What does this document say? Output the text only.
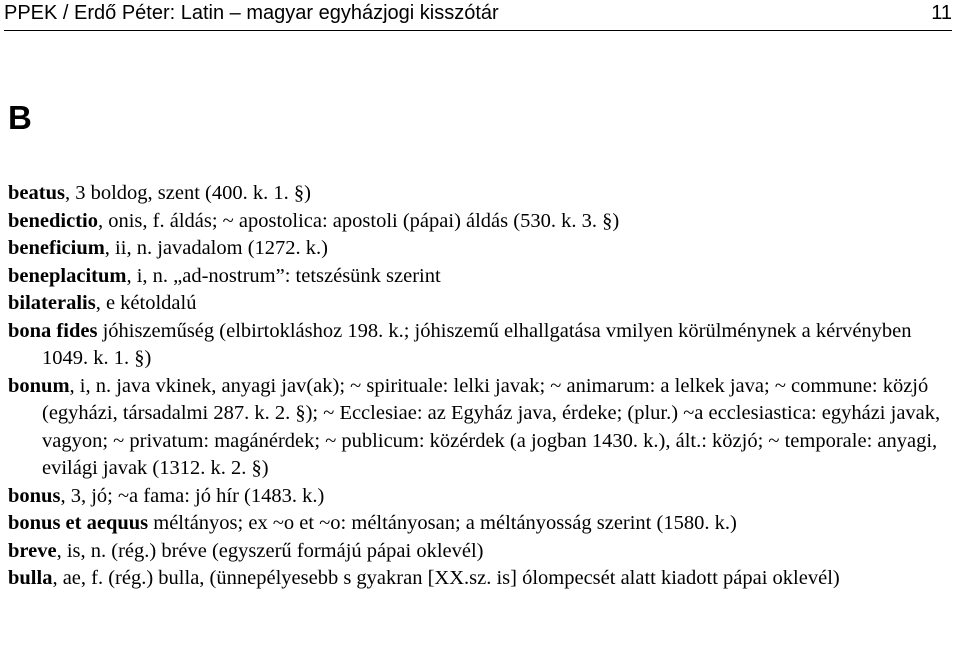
PPEK / Erdő Péter: Latin – magyar egyházjogi kisszótár	11
B

beatus, 3 boldog, szent (400. k. 1. §)

benedictio, onis, f. áldás; ~ apostolica: apostoli (pápai) áldás (530. k. 3. §)

beneficium, ii, n. javadalom (1272. k.)

beneplacitum, i, n. „ad-nostrum”: tetszésünk szerint

bilateralis, e kétoldalú

bona fides jóhiszeműség (elbirtokláshoz 198. k.; jóhiszemű elhallgatása vmilyen körülménynek a kérvényben 1049. k. 1. §)

bonum, i, n. java vkinek, anyagi jav(ak); ~ spirituale: lelki javak; ~ animarum: a lelkek java; ~ commune: közjó (egyházi, társadalmi 287. k. 2. §); ~ Ecclesiae: az Egyház java, érdeke; (plur.) ~a ecclesiastica: egyházi javak, vagyon; ~ privatum: magánérdek; ~ publicum: közérdek (a jogban 1430. k.), ált.: közjó; ~ temporale: anyagi, evilági javak (1312. k. 2. §)

bonus, 3, jó; ~a fama: jó hír (1483. k.)

bonus et aequus méltányos; ex ~o et ~o: méltányosan; a méltányosság szerint (1580. k.)

breve, is, n. (rég.) bréve (egyszerű formájú pápai oklevél)

bulla, ae, f. (rég.) bulla, (ünnepélyesebb s gyakran [XX.sz. is] ólompecsét alatt kiadott pápai oklevél)
